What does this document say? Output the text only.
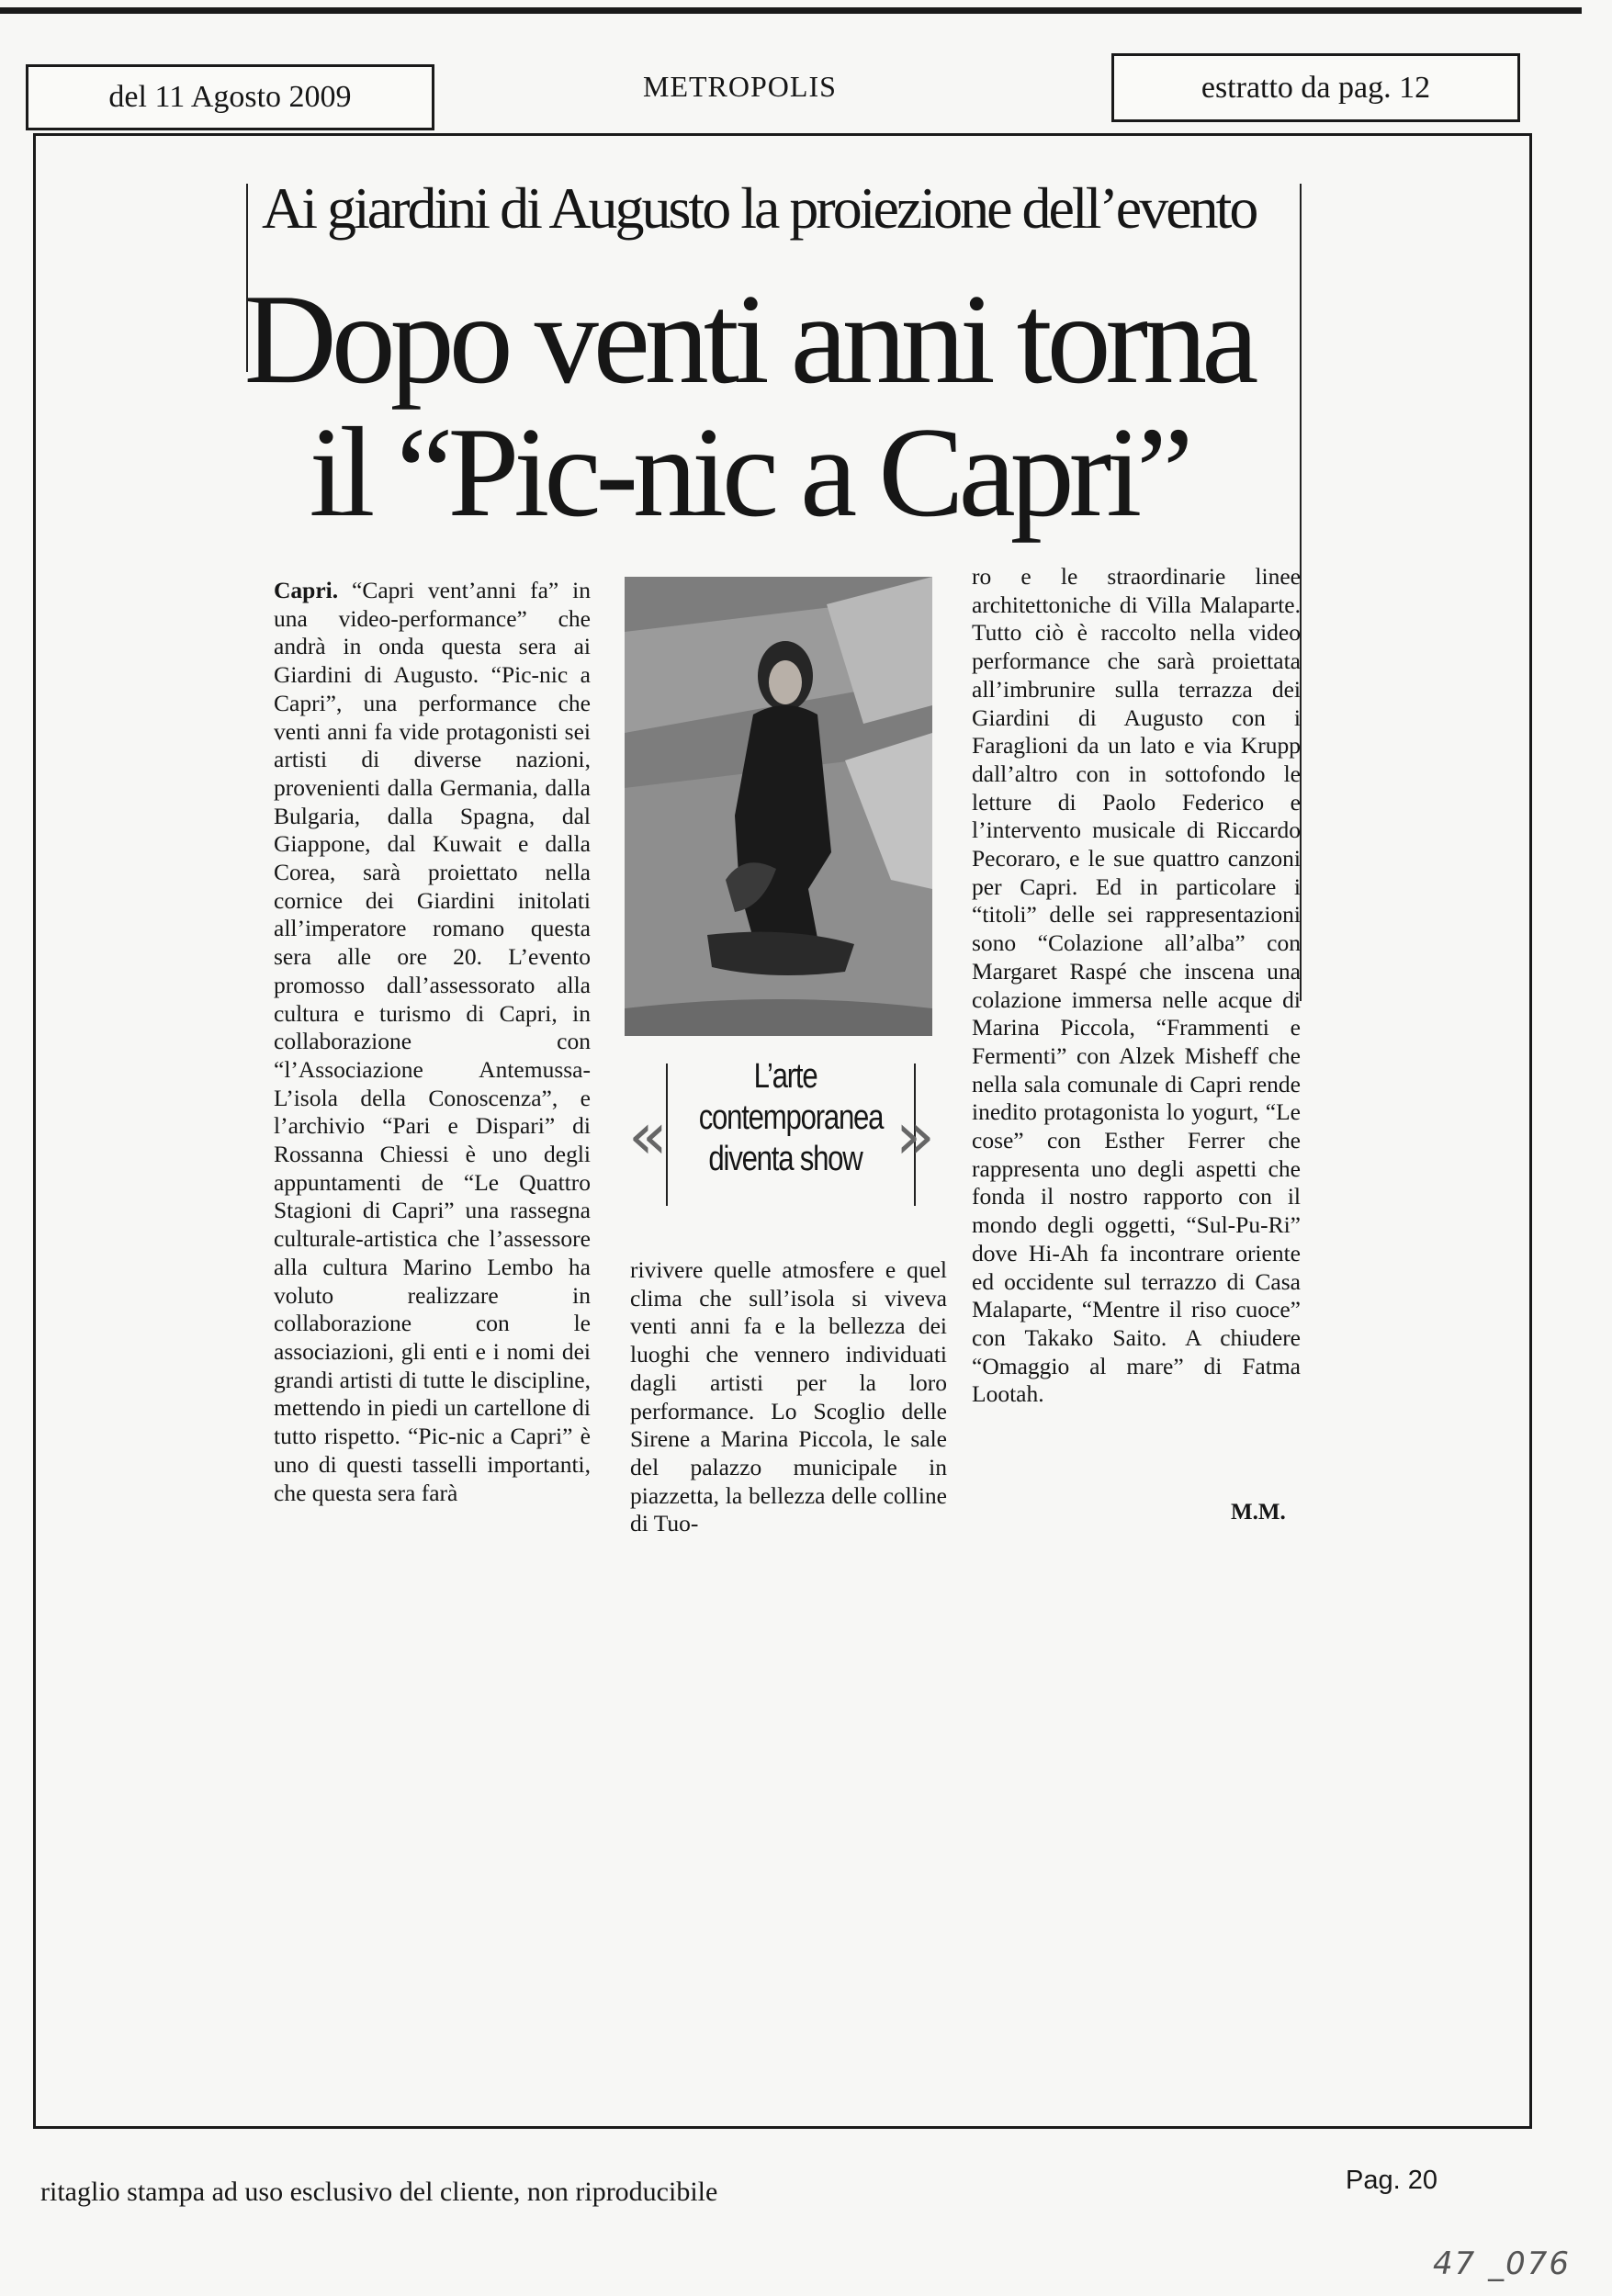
del 11 Agosto 2009	METROPOLIS	estratto da pag. 12
Ai giardini di Augusto la proiezione dell’evento
Dopo venti anni torna
il “Pic-nic a Capri”
Capri. “Capri vent’anni fa” in una video-performance” che andrà in onda questa sera ai Giardini di Augusto. “Pic-nic a Capri”, una performance che venti anni fa vide protagonisti sei artisti di diverse nazioni, provenienti dalla Germania, dalla Bulgaria, dalla Spagna, dal Giappone, dal Kuwait e dalla Corea, sarà proiettato nella cornice dei Giardini initolati all’imperatore romano questa sera alle ore 20. L’evento promosso dall’assessorato alla cultura e turismo di Capri, in collaborazione con “l’Associazione Antemussa-L’isola della Conoscenza”, e l’archivio “Pari e Dispari” di Rossanna Chiessi è uno degli appuntamenti de “Le Quattro Stagioni di Capri” una rassegna culturale-artistica che l’assessore alla cultura Marino Lembo ha voluto realizzare in collaborazione con le associazioni, gli enti e i nomi dei grandi artisti di tutte le discipline, mettendo in piedi un cartellone di tutto rispetto. “Pic-nic a Capri” è uno di questi tasselli importanti, che questa sera farà
«	»
L’arte contemporanea diventa show
rivivere quelle atmosfere e quel clima che sull’isola si viveva venti anni fa e la bellezza dei luoghi che vennero individuati dagli artisti per la loro performance. Lo Scoglio delle Sirene a Marina Piccola, le sale del palazzo municipale in piazzetta, la bellezza delle colline di Tuo-
ro e le straordinarie linee architettoniche di Villa Malaparte. Tutto ciò è raccolto nella video performance che sarà proiettata all’imbrunire sulla terrazza dei Giardini di Augusto con i Faraglioni da un lato e via Krupp dall’altro con in sottofondo le letture di Paolo Federico e l’intervento musicale di Riccardo Pecoraro, e le sue quattro canzoni per Capri. Ed in particolare i “titoli” delle sei rappresentazioni sono “Colazione all’alba” con Margaret Raspé che inscena una colazione immersa nelle acque di Marina Piccola, “Frammenti e Fermenti” con Alzek Misheff che nella sala comunale di Capri rende inedito protagonista lo yogurt, “Le cose” con Esther Ferrer che rappresenta uno degli aspetti che fonda il nostro rapporto con il mondo degli oggetti, “Sul-Pu-Ri” dove Hi-Ah fa incontrare oriente ed occidente sul terrazzo di Casa Malaparte, “Mentre il riso cuoce” con Takako Saito. A chiudere “Omaggio al mare” di Fatma Lootah.
M.M.
ritaglio stampa ad uso esclusivo del cliente, non riproducibile	Pag. 20
47 _076
